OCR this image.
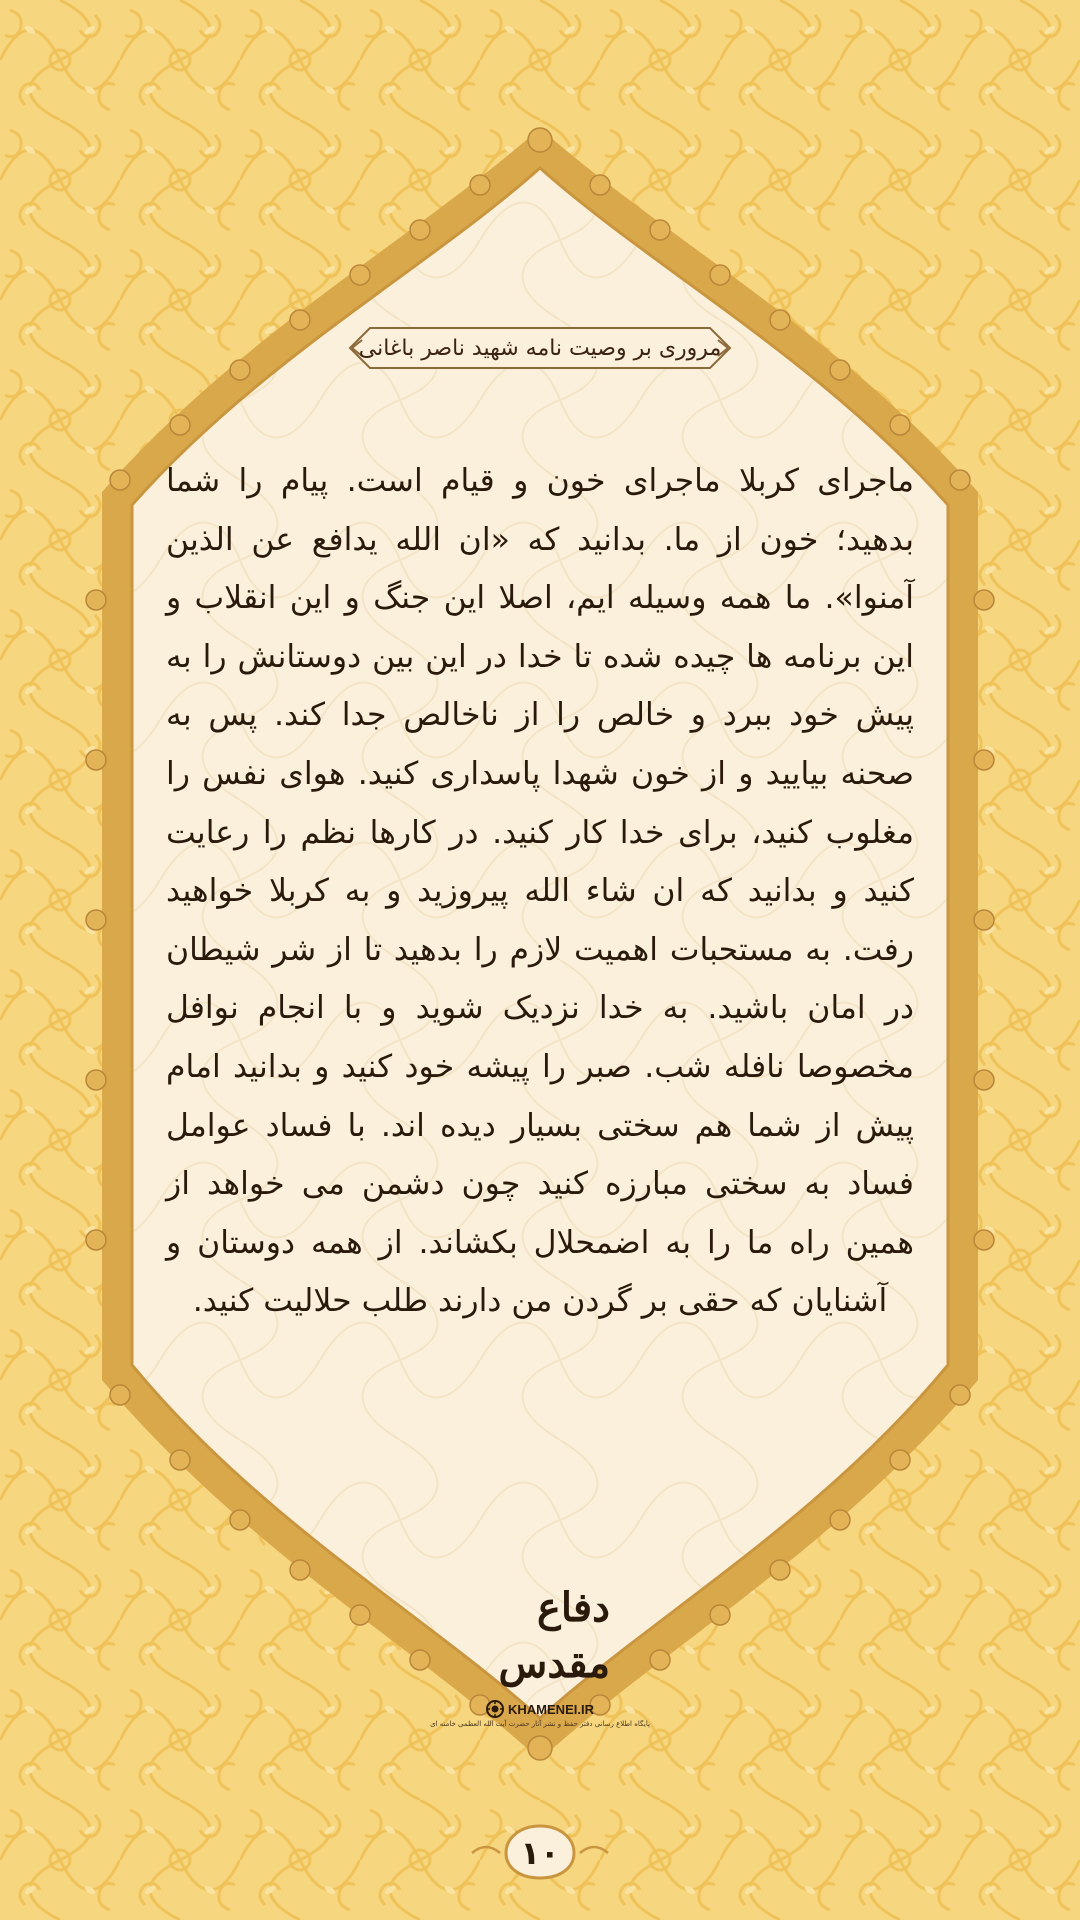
مروری بر وصیت نامه شهید ناصر باغانی
ماجرای کربلا ماجرای خون و قیام است. پیام را شما بدهید؛ خون از ما. بدانید که «ان الله یدافع عن الذین آمنوا». ما همه وسیله ایم، اصلا این جنگ و این انقلاب و این برنامه ها چیده شده تا خدا در این بین دوستانش را به پیش خود ببرد و خالص را از ناخالص جدا کند. پس به صحنه بیایید و از خون شهدا پاسداری کنید. هوای نفس را مغلوب کنید، برای خدا کار کنید. در کارها نظم را رعایت کنید و بدانید که ان شاء الله پیروزید و به کربلا خواهید رفت. به مستحبات اهمیت لازم را بدهید تا از شر شیطان در امان باشید. به خدا نزدیک شوید و با انجام نوافل مخصوصا نافله شب. صبر را پیشه خود کنید و بدانید امام پیش از شما هم سختی بسیار دیده اند. با فساد عوامل فساد به سختی مبارزه کنید چون دشمن می خواهد از همین راه ما را به اضمحلال بکشاند. از همه دوستان و آشنایان که حقی بر گردن من دارند طلب حلالیت کنید.
دفاع مقدس
KHAMENEI.IR
پایگاه اطلاع رسانی دفتر حفظ و نشر آثار حضرت آیت الله العظمی خامنه ای
۱۰
